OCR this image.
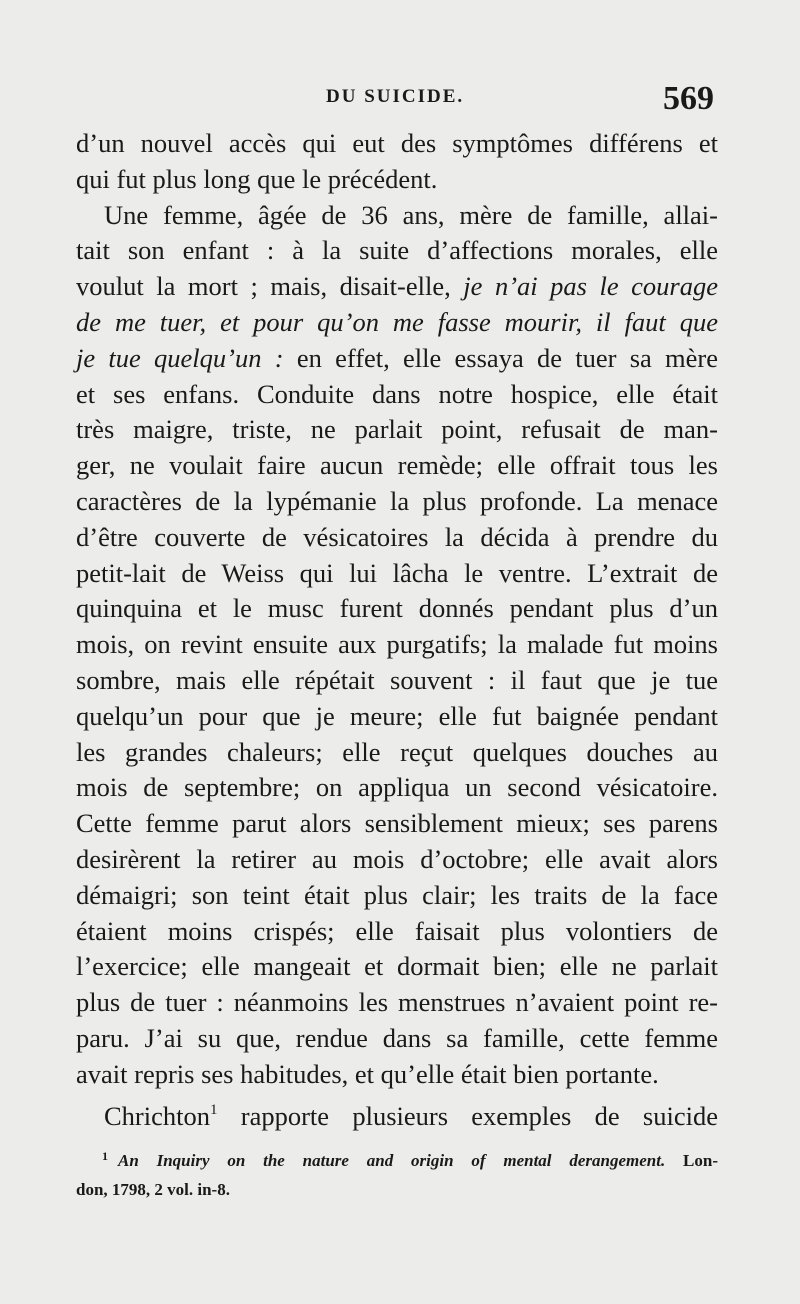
DU SUICIDE.	569
d’un nouvel accès qui eut des symptômes différens et
qui fut plus long que le précédent.
Une femme, âgée de 36 ans, mère de famille, allai-
tait son enfant : à la suite d’affections morales, elle
voulut la mort ; mais, disait-elle, je n’ai pas le courage
de me tuer, et pour qu’on me fasse mourir, il faut que
je tue quelqu’un : en effet, elle essaya de tuer sa mère
et ses enfans. Conduite dans notre hospice, elle était
très maigre, triste, ne parlait point, refusait de man-
ger, ne voulait faire aucun remède; elle offrait tous les
caractères de la lypémanie la plus profonde. La menace
d’être couverte de vésicatoires la décida à prendre du
petit-lait de Weiss qui lui lâcha le ventre. L’extrait de
quinquina et le musc furent donnés pendant plus d’un
mois, on revint ensuite aux purgatifs; la malade fut moins
sombre, mais elle répétait souvent : il faut que je tue
quelqu’un pour que je meure; elle fut baignée pendant
les grandes chaleurs; elle reçut quelques douches au
mois de septembre; on appliqua un second vésicatoire.
Cette femme parut alors sensiblement mieux; ses parens
desirèrent la retirer au mois d’octobre; elle avait alors
démaigri; son teint était plus clair; les traits de la face
étaient moins crispés; elle faisait plus volontiers de
l’exercice; elle mangeait et dormait bien; elle ne parlait
plus de tuer : néanmoins les menstrues n’avaient point re-
paru. J’ai su que, rendue dans sa famille, cette femme
avait repris ses habitudes, et qu’elle était bien portante.
Chrichton$^1$ rapporte plusieurs exemples de suicide
$^1$ An Inquiry on the nature and origin of mental derangement. Lon-
don, 1798, 2 vol. in-8.
